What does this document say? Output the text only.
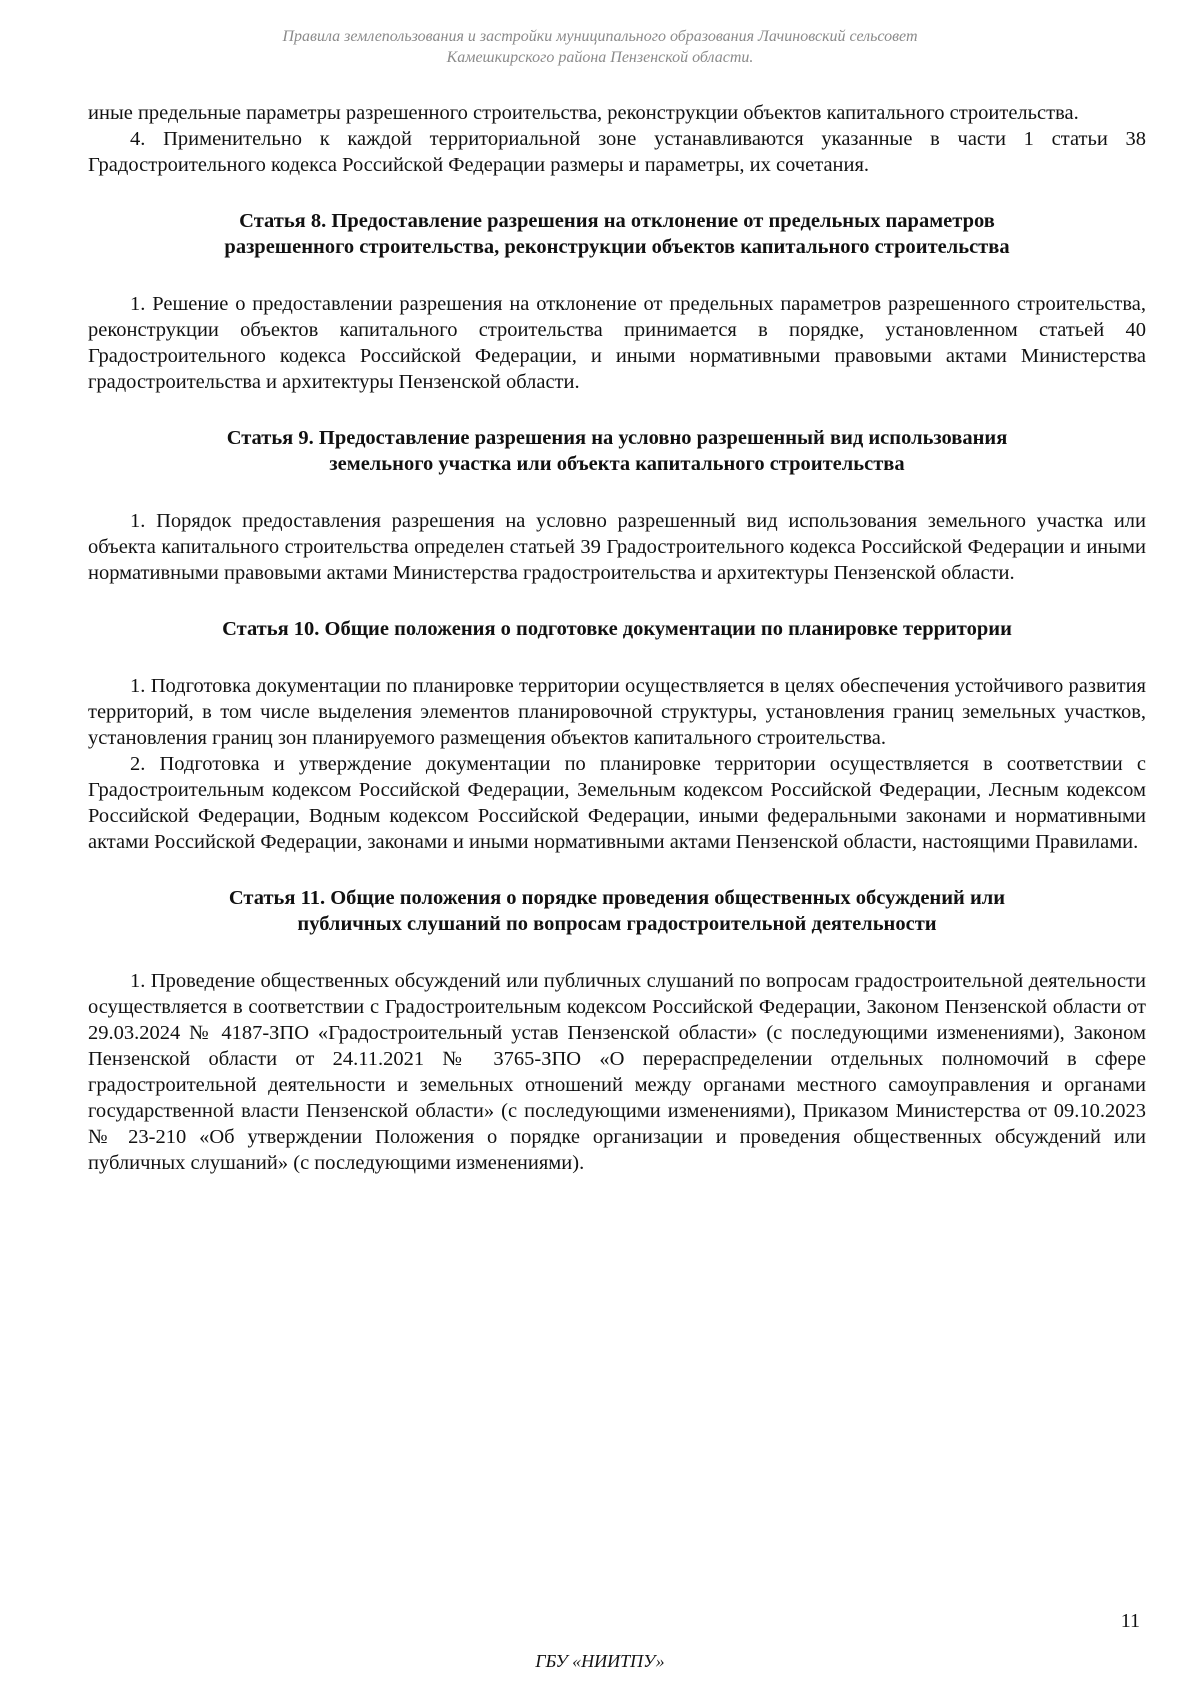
Правила землепользования и застройки муниципального образования Лачиновский сельсовет
Камешкирского района Пензенской области.

иные предельные параметры разрешенного строительства, реконструкции объектов капитального строительства.

4. Применительно к каждой территориальной зоне устанавливаются указанные в части 1 статьи 38 Градостроительного кодекса Российской Федерации размеры и параметры, их сочетания.

Статья 8. Предоставление разрешения на отклонение от предельных параметров
разрешенного строительства, реконструкции объектов капитального строительства

1. Решение о предоставлении разрешения на отклонение от предельных параметров разрешенного строительства, реконструкции объектов капитального строительства принимается в порядке, установленном статьей 40 Градостроительного кодекса Российской Федерации, и иными нормативными правовыми актами Министерства градостроительства и архитектуры Пензенской области.

Статья 9. Предоставление разрешения на условно разрешенный вид использования
земельного участка или объекта капитального строительства

1. Порядок предоставления разрешения на условно разрешенный вид использования земельного участка или объекта капитального строительства определен статьей 39 Градостроительного кодекса Российской Федерации и иными нормативными правовыми актами Министерства градостроительства и архитектуры Пензенской области.

Статья 10. Общие положения о подготовке документации по планировке территории

1. Подготовка документации по планировке территории осуществляется в целях обеспечения устойчивого развития территорий, в том числе выделения элементов планировочной структуры, установления границ земельных участков, установления границ зон планируемого размещения объектов капитального строительства.

2. Подготовка и утверждение документации по планировке территории осуществляется в соответствии с Градостроительным кодексом Российской Федерации, Земельным кодексом Российской Федерации, Лесным кодексом Российской Федерации, Водным кодексом Российской Федерации, иными федеральными законами и нормативными актами Российской Федерации, законами и иными нормативными актами Пензенской области, настоящими Правилами.

Статья 11. Общие положения о порядке проведения общественных обсуждений или
публичных слушаний по вопросам градостроительной деятельности

1. Проведение общественных обсуждений или публичных слушаний по вопросам градостроительной деятельности осуществляется в соответствии с Градостроительным кодексом Российской Федерации, Законом Пензенской области от 29.03.2024 № 4187-ЗПО «Градостроительный устав Пензенской области» (с последующими изменениями), Законом Пензенской области от 24.11.2021 № 3765-ЗПО «О перераспределении отдельных полномочий в сфере градостроительной деятельности и земельных отношений между органами местного самоуправления и органами государственной власти Пензенской области» (с последующими изменениями), Приказом Министерства от 09.10.2023 № 23-210 «Об утверждении Положения о порядке организации и проведения общественных обсуждений или публичных слушаний» (с последующими изменениями).

11
ГБУ «НИИТПУ»
